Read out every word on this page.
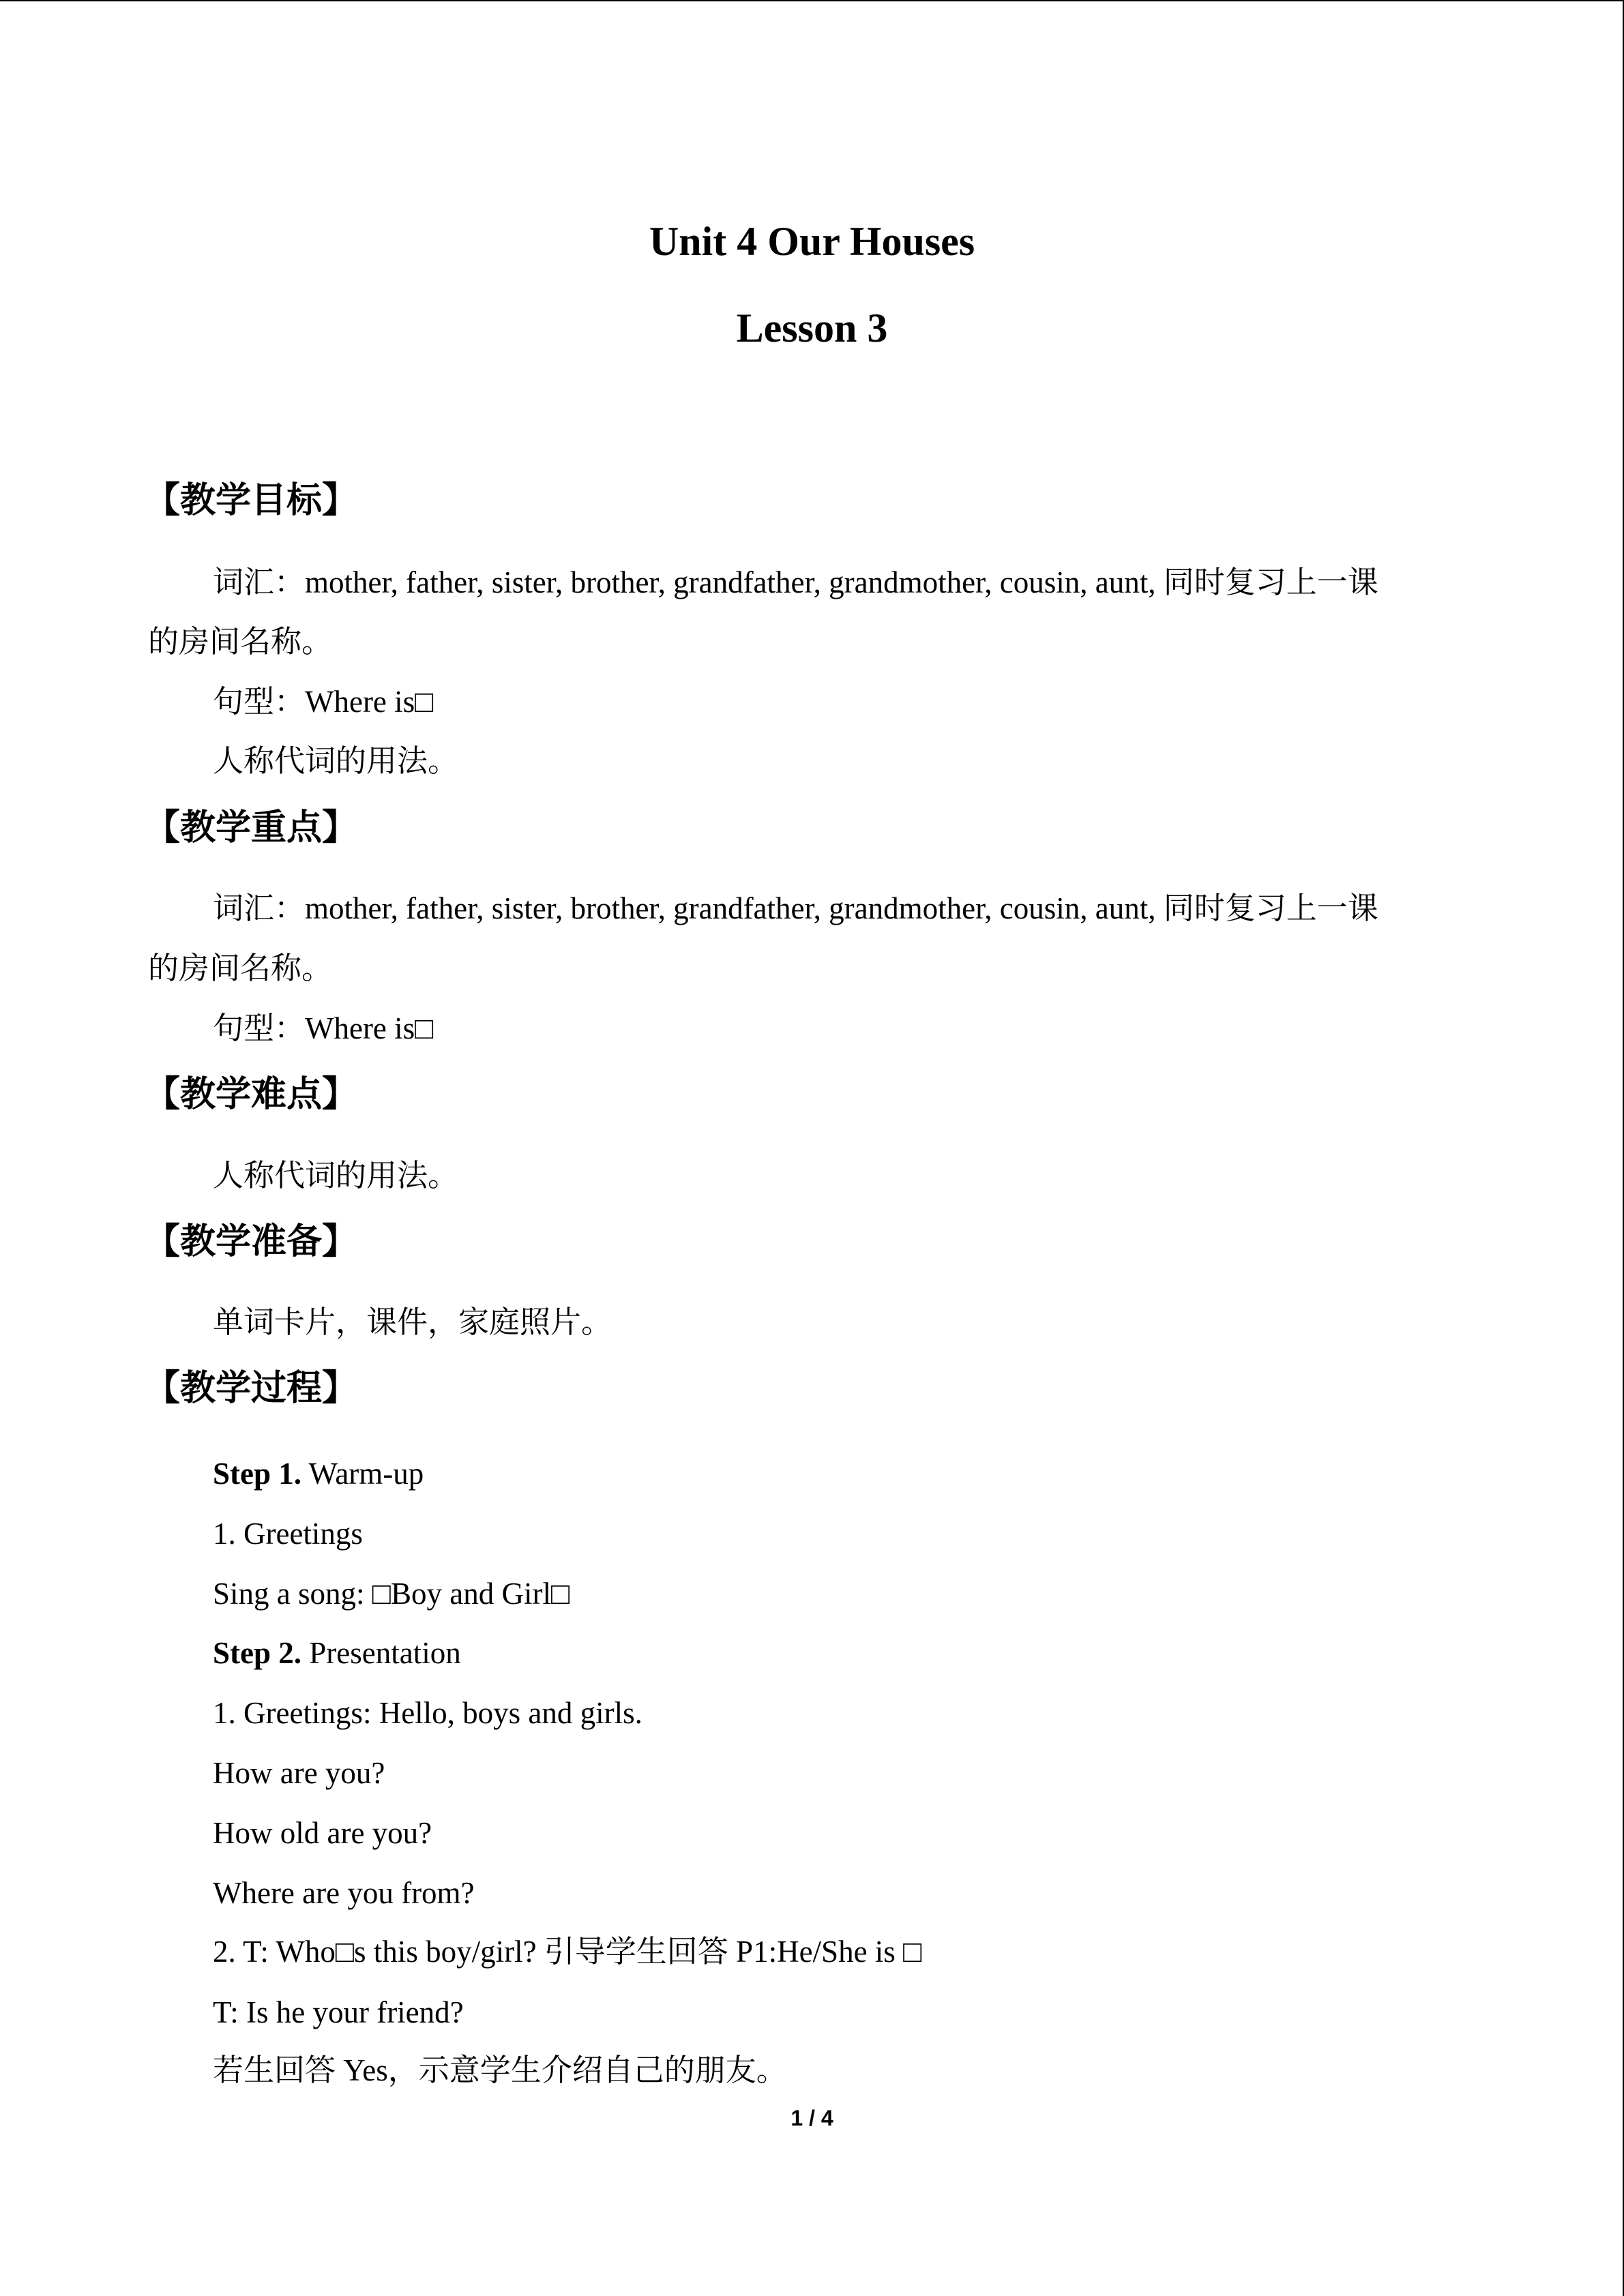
Unit 4 Our Houses
Lesson 3
【教学目标】
词汇：mother, father, sister, brother, grandfather, grandmother, cousin, aunt, 同时复习上一课
的房间名称。
句型：Where is□
人称代词的用法。
【教学重点】
词汇：mother, father, sister, brother, grandfather, grandmother, cousin, aunt, 同时复习上一课
的房间名称。
句型：Where is□
【教学难点】
人称代词的用法。
【教学准备】
单词卡片，课件，家庭照片。
【教学过程】
Step 1. Warm-up
1. Greetings
Sing a song: □Boy and Girl□
Step 2. Presentation
1. Greetings: Hello, boys and girls.
How are you?
How old are you?
Where are you from?
2. T: Who□s this boy/girl? 引导学生回答 P1:He/She is □
T: Is he your friend?
若生回答 Yes，示意学生介绍自己的朋友。
1 / 4
